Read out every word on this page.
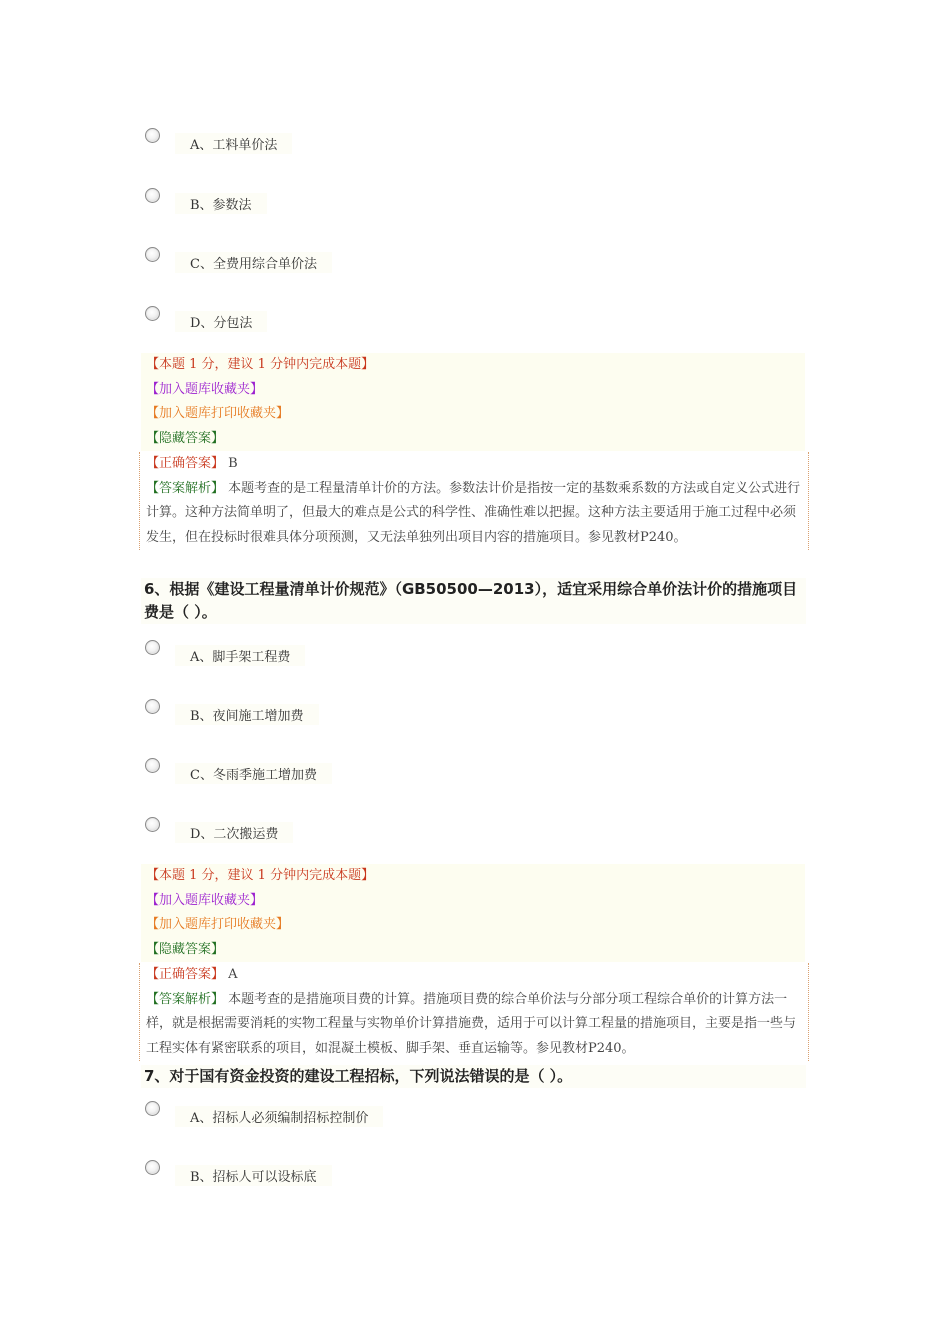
A、工料单价法
B、参数法
C、全费用综合单价法
D、分包法
【本题 1 分，建议 1 分钟内完成本题】
【加入题库收藏夹】
【加入题库打印收藏夹】
【隐藏答案】
【正确答案】 B
【答案解析】 本题考查的是工程量清单计价的方法。参数法计价是指按一定的基数乘系数的方法或自定义公式进行计算。这种方法简单明了，但最大的难点是公式的科学性、准确性难以把握。这种方法主要适用于施工过程中必须发生，但在投标时很难具体分项预测，又无法单独列出项目内容的措施项目。参见教材P240。
6、根据《建设工程量清单计价规范》（GB50500—2013），适宜采用综合单价法计价的措施项目费是（ ）。
A、脚手架工程费
B、夜间施工增加费
C、冬雨季施工增加费
D、二次搬运费
【本题 1 分，建议 1 分钟内完成本题】
【加入题库收藏夹】
【加入题库打印收藏夹】
【隐藏答案】
【正确答案】 A
【答案解析】 本题考查的是措施项目费的计算。措施项目费的综合单价法与分部分项工程综合单价的计算方法一样，就是根据需要消耗的实物工程量与实物单价计算措施费，适用于可以计算工程量的措施项目，主要是指一些与工程实体有紧密联系的项目，如混凝土模板、脚手架、垂直运输等。参见教材P240。
7、对于国有资金投资的建设工程招标，下列说法错误的是（ ）。
A、招标人必须编制招标控制价
B、招标人可以设标底
